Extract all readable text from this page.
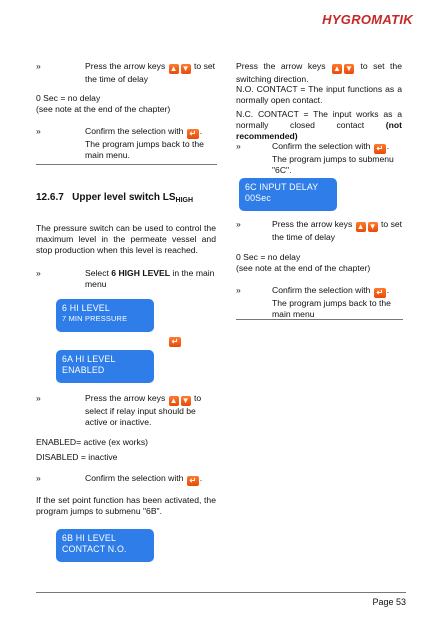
HYGROMATIK
»	Press the arrow keys ▲ ▼ to set the time of delay
0 Sec = no delay
(see note at the end of the chapter)
»	Confirm the selection with ↵ . The program jumps back to the main menu.
12.6.7 Upper level switch $LS_{HIGH}$
The pressure switch can be used to control the maximum level in the permeate vessel and stop production when this level is reached.
»	Select 6 HIGH LEVEL in the main menu
6 HI LEVEL
7 MIN PRESSURE
↵
6A HI LEVEL
ENABLED
»	Press the arrow keys ▲ ▼ to select if relay input should be active or inactive.
ENABLED= active (ex works)
DISABLED = inactive
»	Confirm the selection with ↵ .
If the set point function has been activated, the program jumps to submenu "6B".
6B HI LEVEL
CONTACT N.O.
Press the arrow keys ▲ ▼ to set the switching direction.
N.O. CONTACT = The input functions as a normally open contact.
N.C. CONTACT = The input works as a normally closed contact (not recommended)
»	Confirm the selection with ↵ . The program jumps to submenu "6C".
6C INPUT DELAY
00Sec
»	Press the arrow keys ▲ ▼ to set the time of delay
0 Sec = no delay
(see note at the end of the chapter)
»	Confirm the selection with ↵ . The program jumps back to the main menu
Page 53
